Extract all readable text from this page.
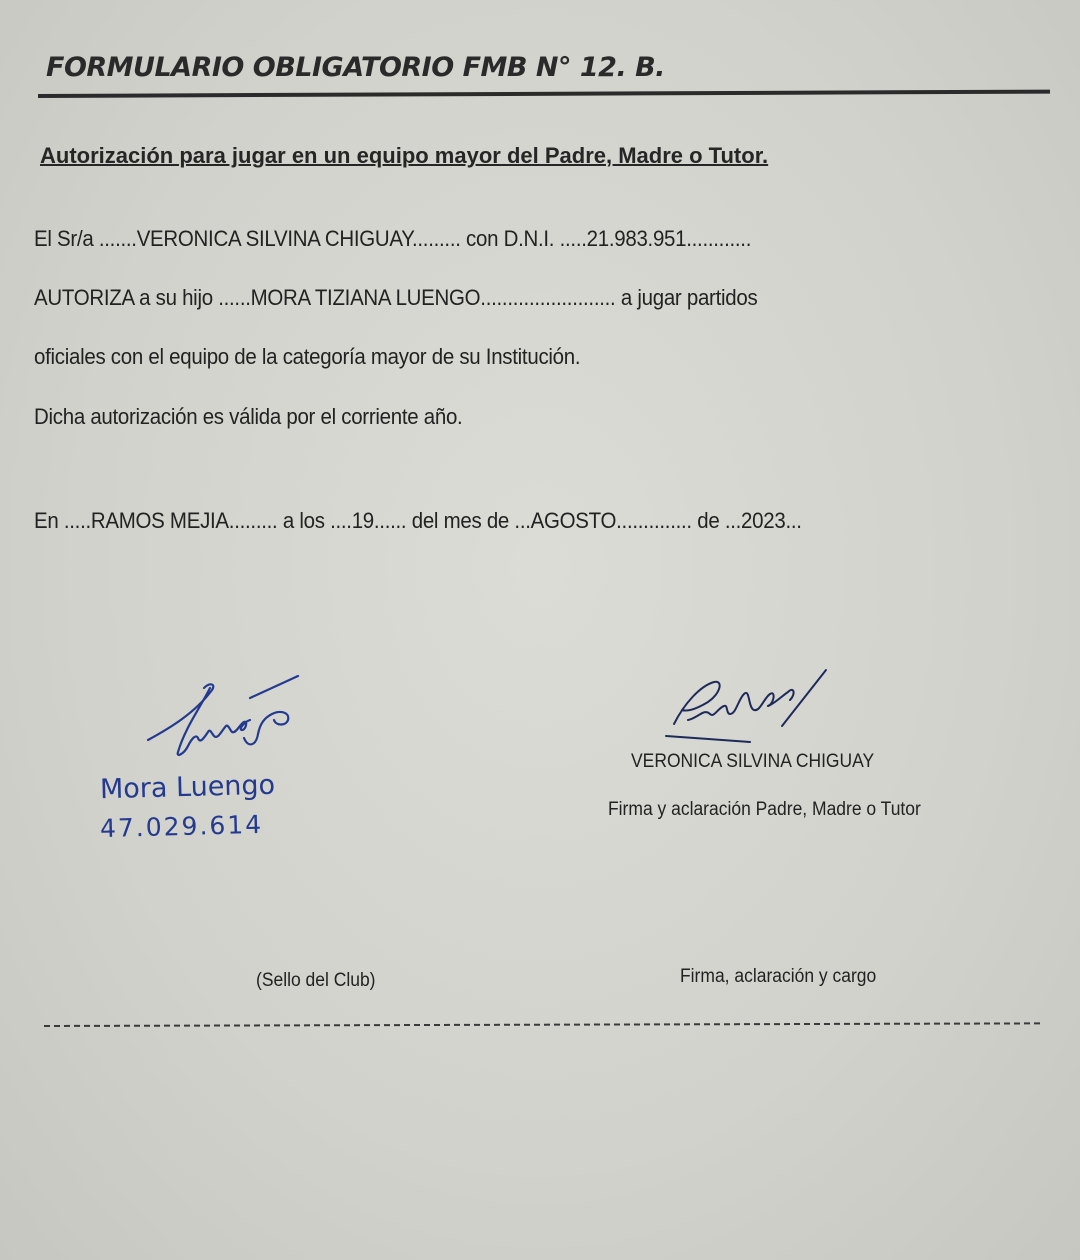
FORMULARIO OBLIGATORIO FMB N° 12. B.
Autorización para jugar en un equipo mayor del Padre, Madre o Tutor.
El Sr/a .......VERONICA SILVINA CHIGUAY......... con D.N.I. .....21.983.951............
AUTORIZA a su hijo ......MORA TIZIANA LUENGO......................... a jugar partidos
oficiales con el equipo de la categoría mayor de su Institución.
Dicha autorización es válida por el corriente año.
En .....RAMOS MEJIA......... a los ....19...... del mes de ...AGOSTO.............. de ...2023...
Mora Luengo
47.029.614
VERONICA SILVINA CHIGUAY
Firma y aclaración Padre, Madre o Tutor
(Sello del Club)	Firma, aclaración y cargo
